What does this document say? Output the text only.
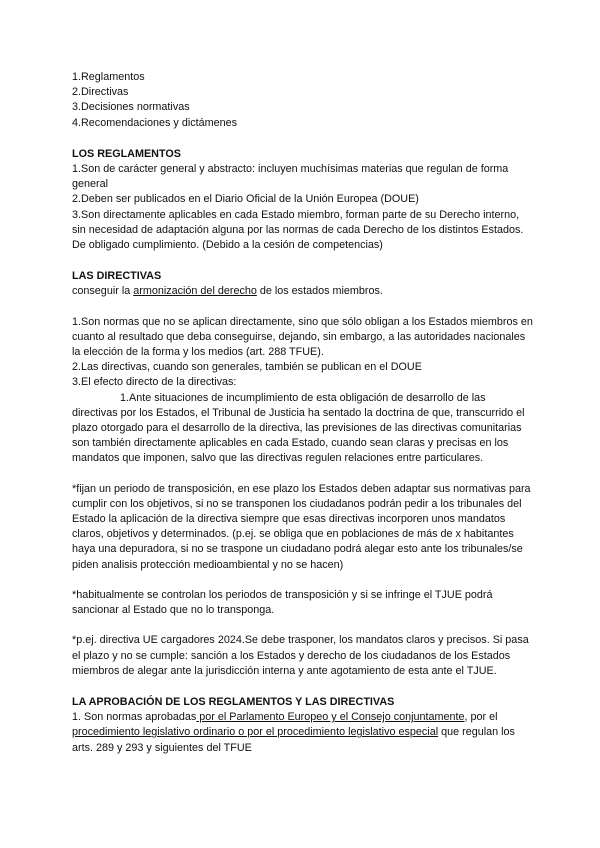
1.Reglamentos
2.Directivas
3.Decisiones normativas
4.Recomendaciones y dictámenes
LOS REGLAMENTOS
1.Son de carácter general y abstracto: incluyen muchísimas materias que regulan de forma general
2.Deben ser publicados en el Diario Oficial de la Unión Europea (DOUE)
3.Son directamente aplicables en cada Estado miembro, forman parte de su Derecho interno, sin necesidad de adaptación alguna por las normas de cada Derecho de los distintos Estados. De obligado cumplimiento. (Debido a la cesión de competencias)
LAS DIRECTIVAS
conseguir la armonización del derecho de los estados miembros.
1.Son normas que no se aplican directamente, sino que sólo obligan a los Estados miembros en cuanto al resultado que deba conseguirse, dejando, sin embargo, a las autoridades nacionales la elección de la forma y los medios (art. 288 TFUE).
2.Las directivas, cuando son generales, también se publican en el DOUE
3.El efecto directo de la directivas:
1.Ante situaciones de incumplimiento de esta obligación de desarrollo de las
directivas por los Estados, el Tribunal de Justicia ha sentado la doctrina de que, transcurrido el plazo otorgado para el desarrollo de la directiva, las previsiones de las directivas comunitarias son también directamente aplicables en cada Estado, cuando sean claras y precisas en los mandatos que imponen, salvo que las directivas regulen relaciones entre particulares.
*fijan un periodo de transposición, en ese plazo los Estados deben adaptar sus normativas para cumplir con los objetivos, si no se transponen los ciudadanos podrán pedir a los tribunales del Estado la aplicación de la directiva siempre que esas directivas incorporen unos mandatos claros, objetivos y determinados. (p.ej. se obliga que en poblaciones de más de x habitantes haya una depuradora, si no se traspone un ciudadano podrá alegar esto ante los tribunales/se piden analisis protección medioambiental y no se hacen)
*habitualmente se controlan los periodos de transposición y si se infringe el TJUE podrá sancionar al Estado que no lo transponga.
*p.ej. directiva UE cargadores 2024.Se debe trasponer, los mandatos claros y precisos. Si pasa el plazo y no se cumple: sanción a los Estados y derecho de los ciudadanos de los Estados miembros de alegar ante la jurisdicción interna y ante agotamiento de esta ante el TJUE.
LA APROBACIÓN DE LOS REGLAMENTOS Y LAS DIRECTIVAS
1. Son normas aprobadas por el Parlamento Europeo y el Consejo conjuntamente, por el procedimiento legislativo ordinario o por el procedimiento legislativo especial que regulan los arts. 289 y 293 y siguientes del TFUE
